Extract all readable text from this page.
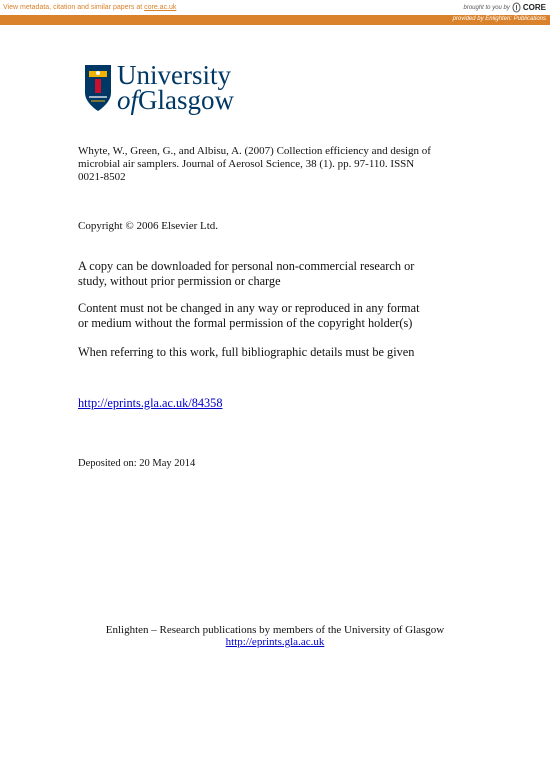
View metadata, citation and similar papers at core.ac.uk	brought to you by CORE
provided by Enlighten: Publications
University
ofGlasgow
Whyte, W., Green, G., and Albisu, A. (2007) Collection efficiency and design of
microbial air samplers. Journal of Aerosol Science, 38 (1). pp. 97-110. ISSN
0021-8502
Copyright © 2006 Elsevier Ltd.
A copy can be downloaded for personal non-commercial research or
study, without prior permission or charge
Content must not be changed in any way or reproduced in any format
or medium without the formal permission of the copyright holder(s)
When referring to this work, full bibliographic details must be given
http://eprints.gla.ac.uk/84358
Deposited on: 20 May 2014
Enlighten – Research publications by members of the University of Glasgow
http://eprints.gla.ac.uk
